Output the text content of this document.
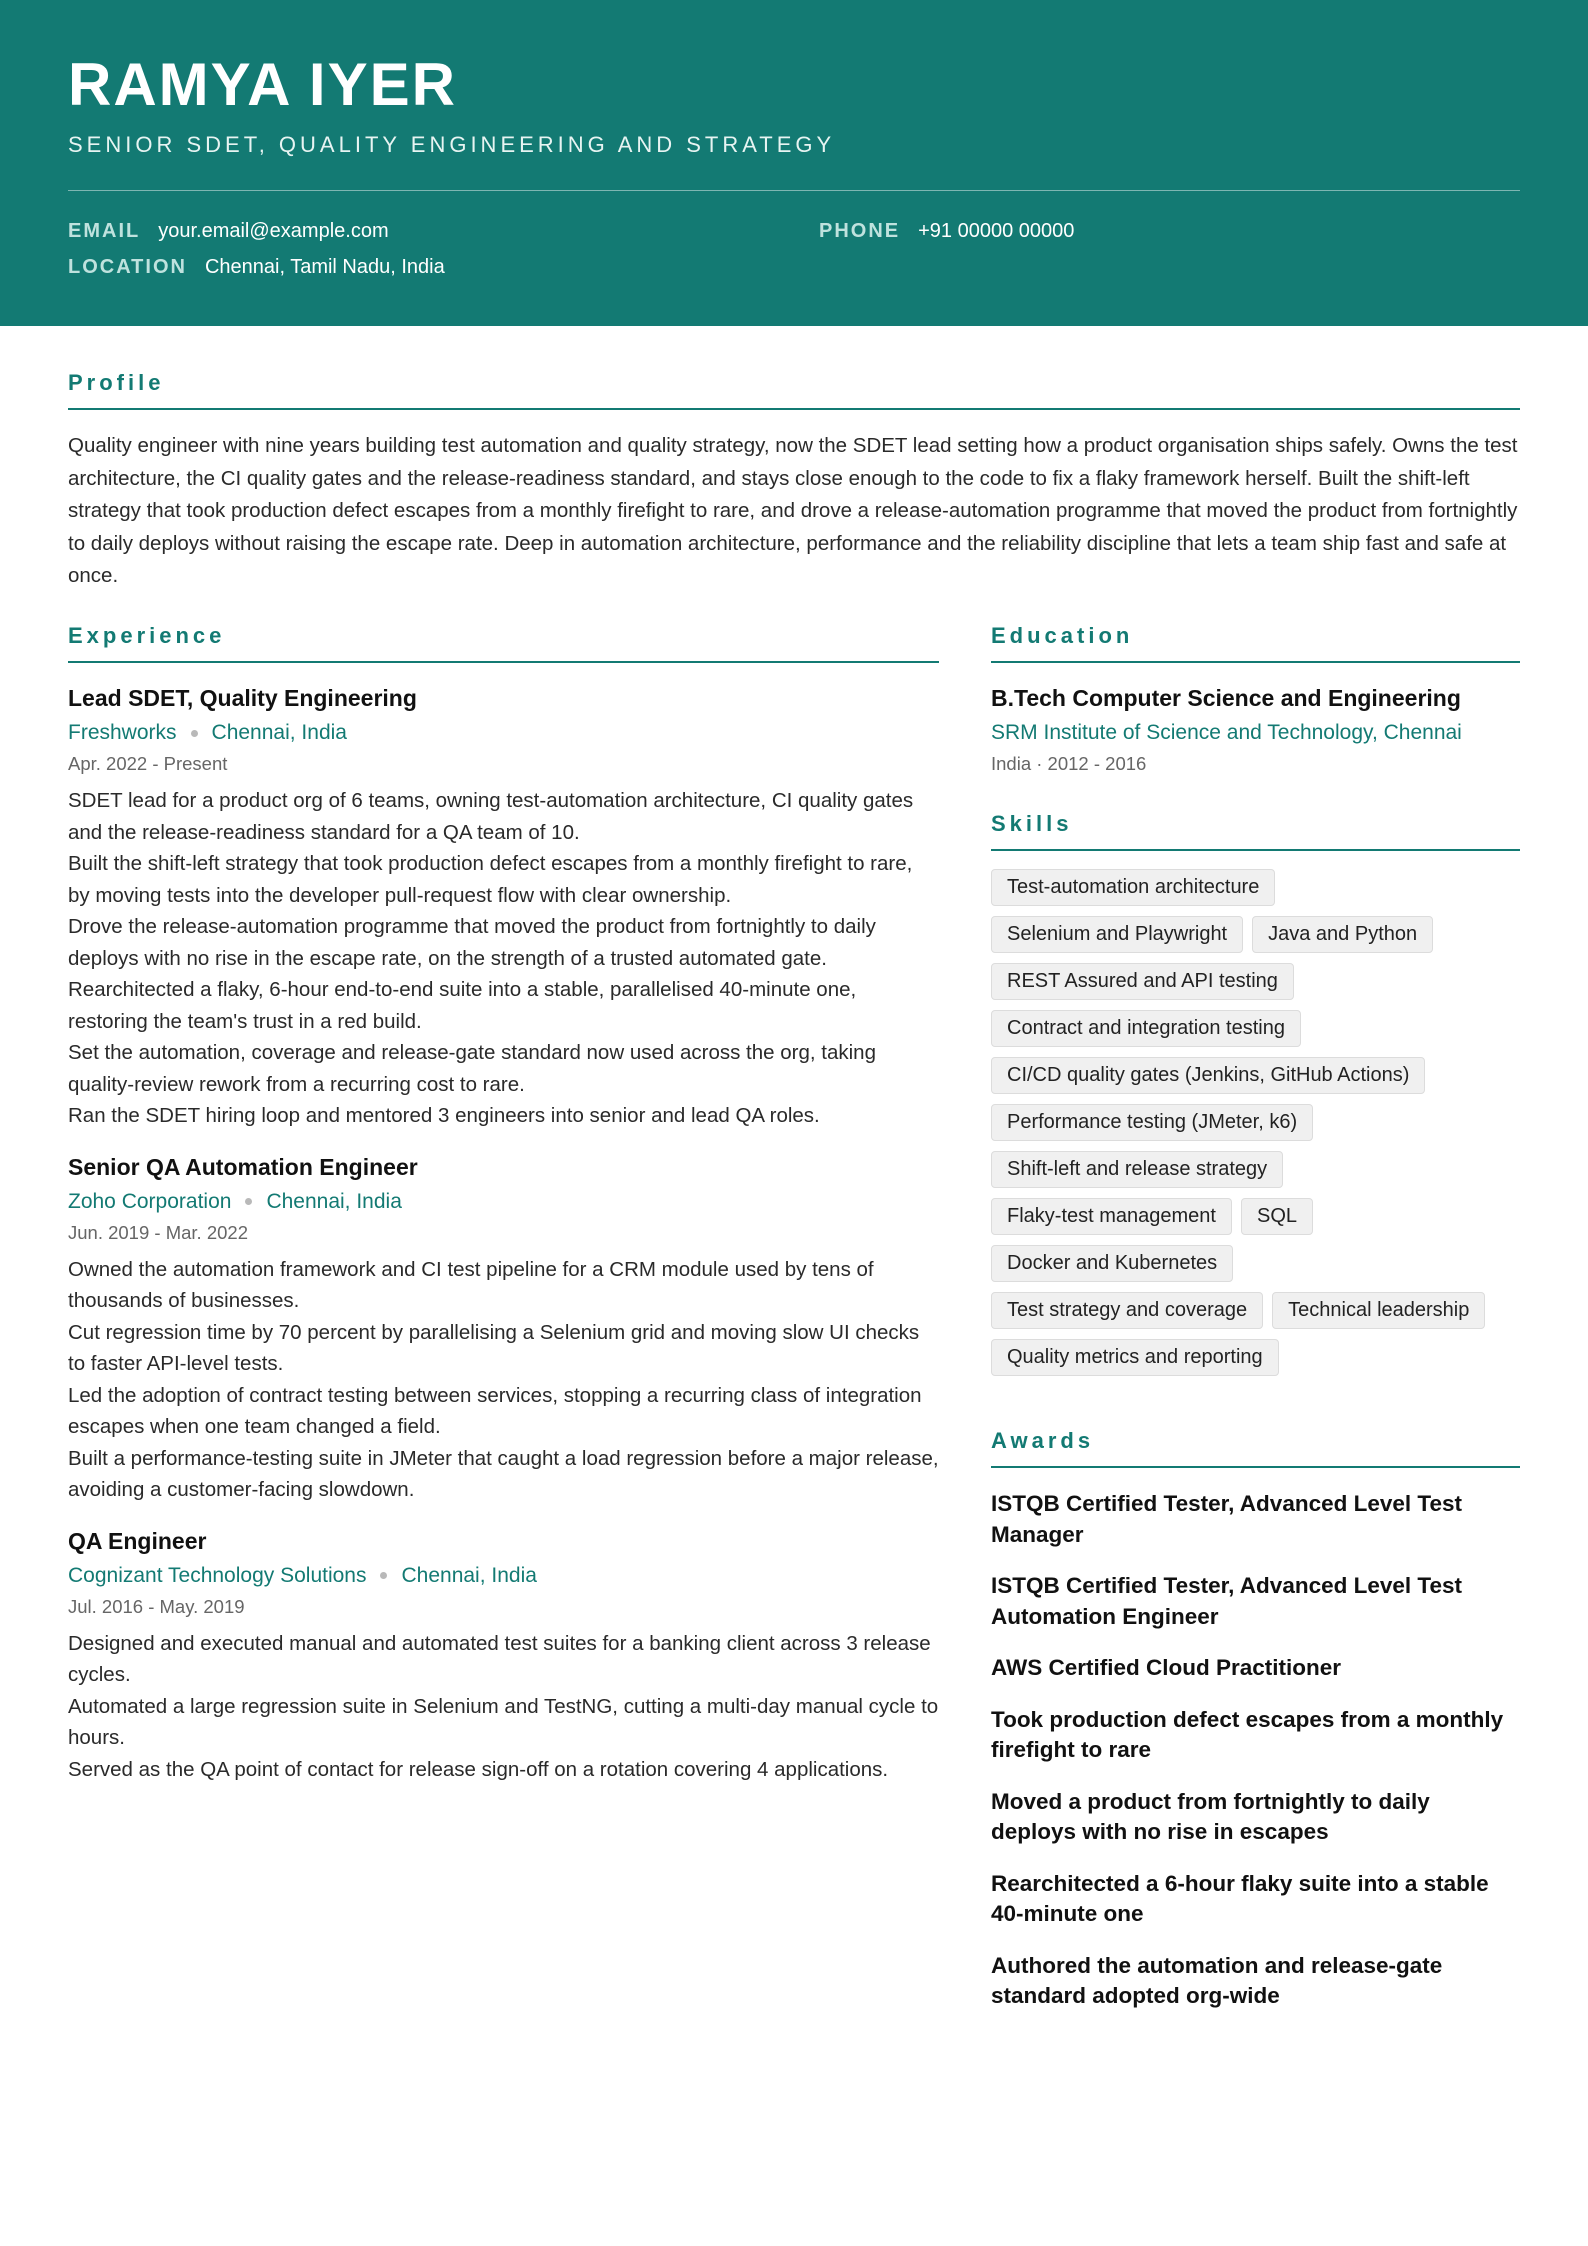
RAMYA IYER
SENIOR SDET, QUALITY ENGINEERING AND STRATEGY
EMAIL your.email@example.com	PHONE +91 00000 00000
LOCATION Chennai, Tamil Nadu, India
Profile

Quality engineer with nine years building test automation and quality strategy, now the SDET lead setting how a product organisation ships safely. Owns the test architecture, the CI quality gates and the release-readiness standard, and stays close enough to the code to fix a flaky framework herself. Built the shift-left strategy that took production defect escapes from a monthly firefight to rare, and drove a release-automation programme that moved the product from fortnightly to daily deploys without raising the escape rate. Deep in automation architecture, performance and the reliability discipline that lets a team ship fast and safe at once.

Experience
Lead SDET, Quality Engineering
Freshworks Chennai, India
Apr. 2022 - Present
SDET lead for a product org of 6 teams, owning test-automation architecture, CI quality gates and the release-readiness standard for a QA team of 10.
Built the shift-left strategy that took production defect escapes from a monthly firefight to rare, by moving tests into the developer pull-request flow with clear ownership.
Drove the release-automation programme that moved the product from fortnightly to daily deploys with no rise in the escape rate, on the strength of a trusted automated gate.
Rearchitected a flaky, 6-hour end-to-end suite into a stable, parallelised 40-minute one, restoring the team's trust in a red build.
Set the automation, coverage and release-gate standard now used across the org, taking quality-review rework from a recurring cost to rare.
Ran the SDET hiring loop and mentored 3 engineers into senior and lead QA roles.
Senior QA Automation Engineer
Zoho Corporation Chennai, India
Jun. 2019 - Mar. 2022
Owned the automation framework and CI test pipeline for a CRM module used by tens of thousands of businesses.
Cut regression time by 70 percent by parallelising a Selenium grid and moving slow UI checks to faster API-level tests.
Led the adoption of contract testing between services, stopping a recurring class of integration escapes when one team changed a field.
Built a performance-testing suite in JMeter that caught a load regression before a major release, avoiding a customer-facing slowdown.
QA Engineer
Cognizant Technology Solutions Chennai, India
Jul. 2016 - May. 2019
Designed and executed manual and automated test suites for a banking client across 3 release cycles.
Automated a large regression suite in Selenium and TestNG, cutting a multi-day manual cycle to hours.
Served as the QA point of contact for release sign-off on a rotation covering 4 applications.
Education
B.Tech Computer Science and Engineering
SRM Institute of Science and Technology, Chennai
India · 2012 - 2016
Skills
Test-automation architecture
Selenium and Playwright	Java and Python
REST Assured and API testing
Contract and integration testing
CI/CD quality gates (Jenkins, GitHub Actions)
Performance testing (JMeter, k6)
Shift-left and release strategy
Flaky-test management	SQL
Docker and Kubernetes
Test strategy and coverage	Technical leadership
Quality metrics and reporting
Awards
ISTQB Certified Tester, Advanced Level Test Manager
ISTQB Certified Tester, Advanced Level Test Automation Engineer
AWS Certified Cloud Practitioner
Took production defect escapes from a monthly firefight to rare
Moved a product from fortnightly to daily deploys with no rise in escapes
Rearchitected a 6-hour flaky suite into a stable 40-minute one
Authored the automation and release-gate standard adopted org-wide
